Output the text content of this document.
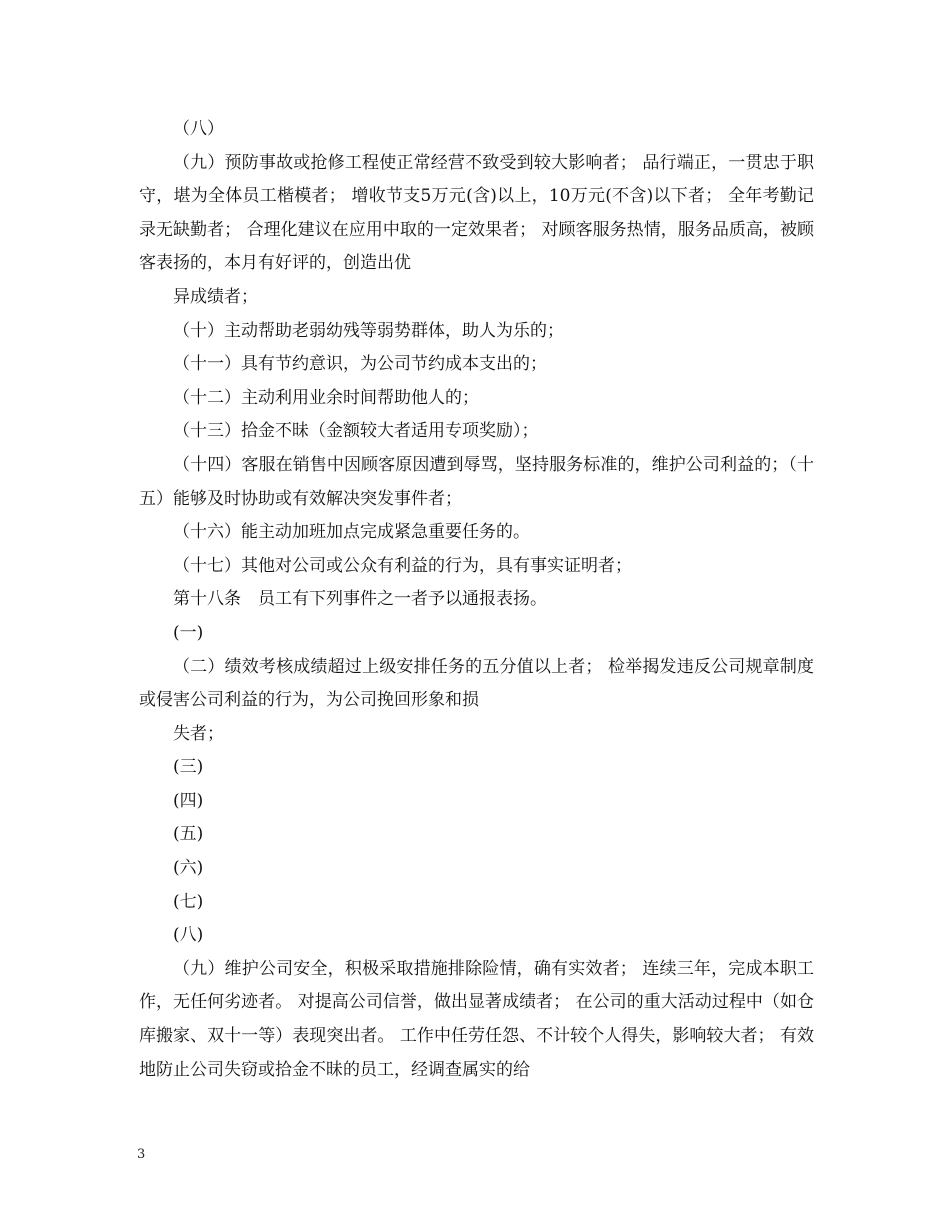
（八）

（九）预防事故或抢修工程使正常经营不致受到较大影响者； 品行端正，一贯忠于职守，堪为全体员工楷模者； 增收节支5万元(含)以上，10万元(不含)以下者； 全年考勤记录无缺勤者； 合理化建议在应用中取的一定效果者； 对顾客服务热情，服务品质高，被顾客表扬的，本月有好评的，创造出优

异成绩者；

（十）主动帮助老弱幼残等弱势群体，助人为乐的；

（十一）具有节约意识，为公司节约成本支出的；

（十二）主动利用业余时间帮助他人的；

（十三）拾金不昧（金额较大者适用专项奖励）；

（十四）客服在销售中因顾客原因遭到辱骂，坚持服务标准的，维护公司利益的；（十五）能够及时协助或有效解决突发事件者；

（十六）能主动加班加点完成紧急重要任务的。

（十七）其他对公司或公众有利益的行为，具有事实证明者；

第十八条　员工有下列事件之一者予以通报表扬。

(一)

（二）绩效考核成绩超过上级安排任务的五分值以上者； 检举揭发违反公司规章制度或侵害公司利益的行为，为公司挽回形象和损

失者；

(三)

(四)

(五)

(六)

(七)

(八)

（九）维护公司安全，积极采取措施排除险情，确有实效者； 连续三年，完成本职工作，无任何劣迹者。 对提高公司信誉，做出显著成绩者； 在公司的重大活动过程中（如仓库搬家、双十一等）表现突出者。 工作中任劳任怨、不计较个人得失，影响较大者； 有效地防止公司失窃或拾金不昧的员工，经调查属实的给

3
